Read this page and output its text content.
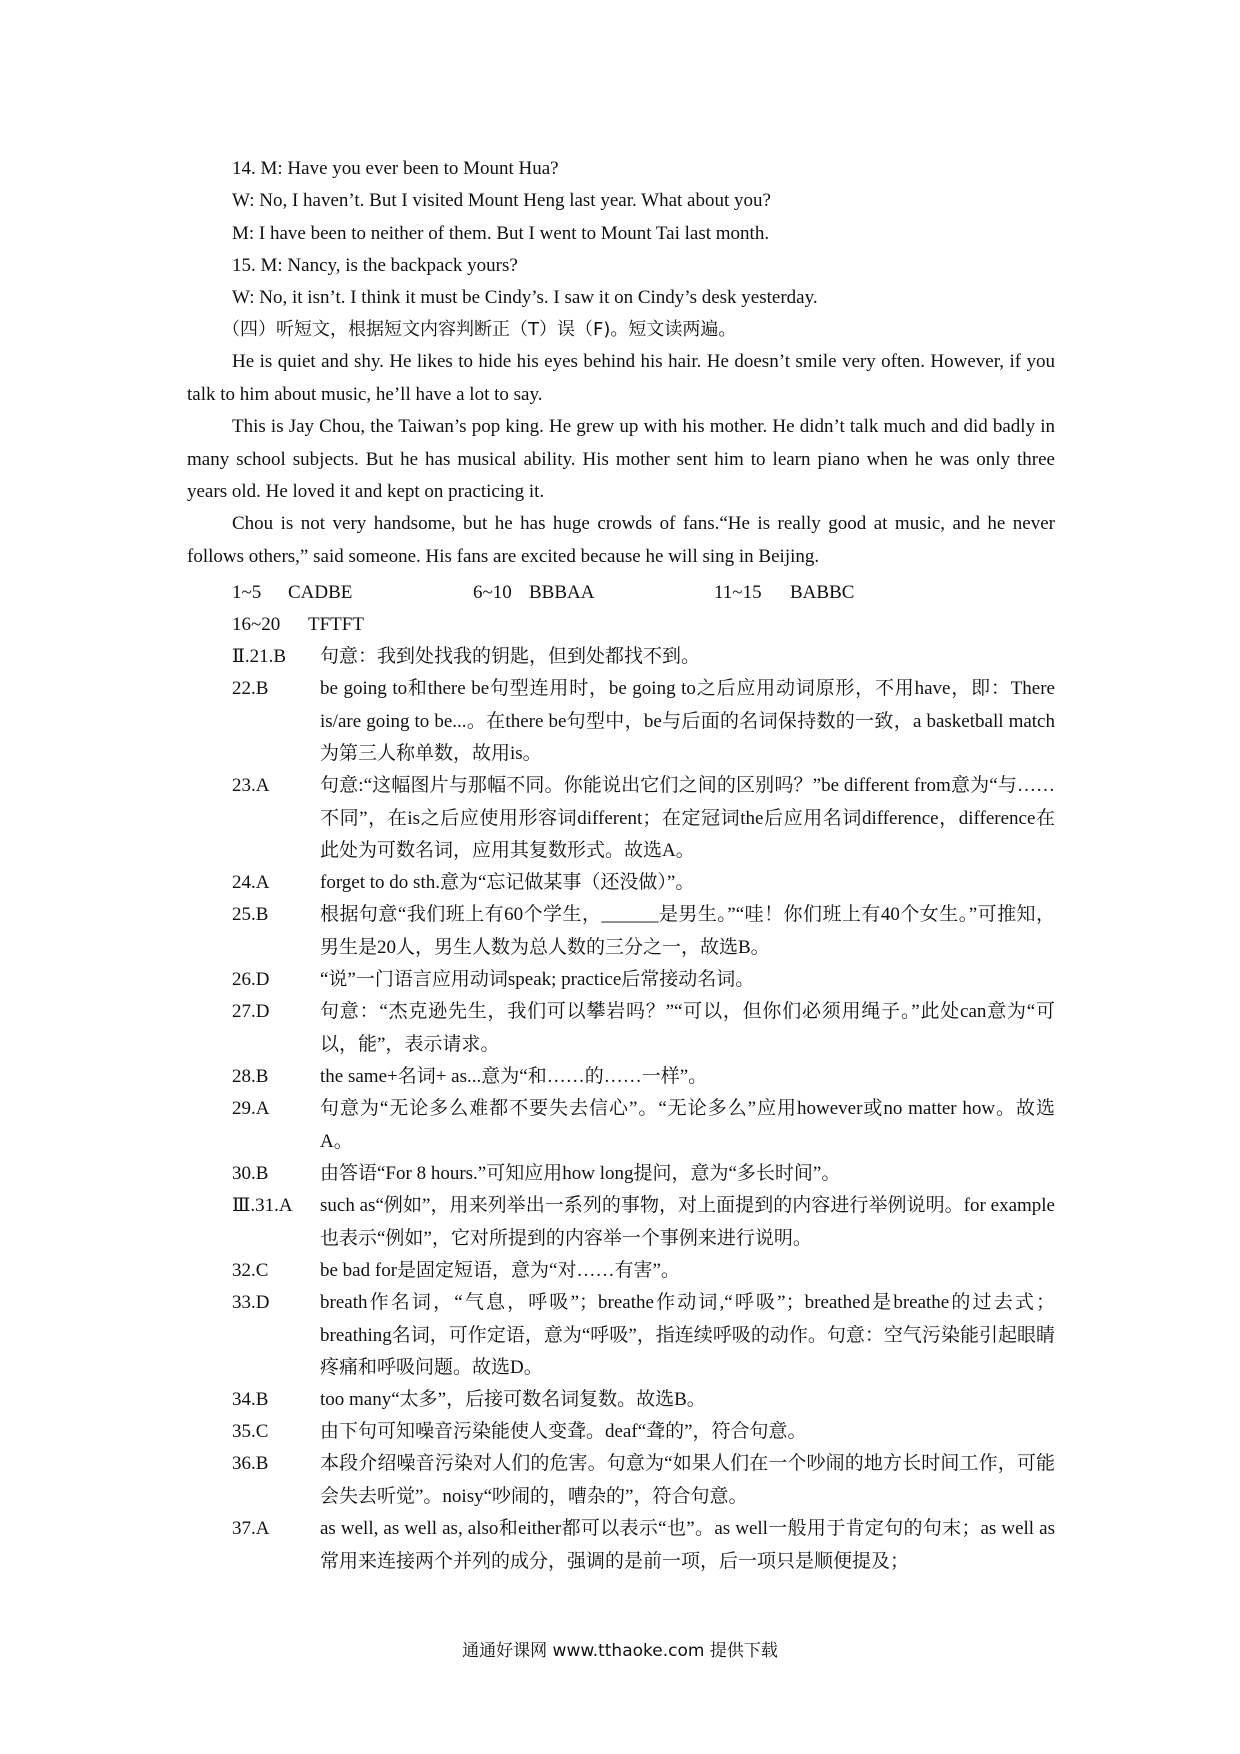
14. M: Have you ever been to Mount Hua?
W: No, I haven’t. But I visited Mount Heng last year. What about you?
M: I have been to neither of them. But I went to Mount Tai last month.
15. M: Nancy, is the backpack yours?
W: No, it isn’t. I think it must be Cindy’s. I saw it on Cindy’s desk yesterday.
（四）听短文，根据短文内容判断正（T）误（F)。短文读两遍。

He is quiet and shy. He likes to hide his eyes behind his hair. He doesn’t smile very often. However, if you talk to him about music, he’ll have a lot to say.

This is Jay Chou, the Taiwan’s pop king. He grew up with his mother. He didn’t talk much and did badly in many school subjects. But he has musical ability. His mother sent him to learn piano when he was only three years old. He loved it and kept on practicing it.

Chou is not very handsome, but he has huge crowds of fans.“He is really good at music, and he never follows others,” said someone. His fans are excited because he will sing in Beijing.

1~5 CADBE	6~10 BBBAA	11~15 BABBC
16~20 TFTFT
Ⅱ.21.B	句意：我到处找我的钥匙，但到处都找不到。
22.B	be going to和there be句型连用时，be going to之后应用动词原形，不用have，即：There is/are going to be...。在there be句型中，be与后面的名词保持数的一致，a basketball match为第三人称单数，故用is。
23.A	句意:“这幅图片与那幅不同。你能说出它们之间的区别吗？”be different from意为“与……不同”，在is之后应使用形容词different；在定冠词the后应用名词difference，difference在此处为可数名词，应用其复数形式。故选A。
24.A	forget to do sth.意为“忘记做某事（还没做）”。
25.B	根据句意“我们班上有60个学生，______是男生。”“哇！你们班上有40个女生。”可推知，男生是20人，男生人数为总人数的三分之一，故选B。
26.D	“说”一门语言应用动词speak; practice后常接动名词。
27.D	句意：“杰克逊先生，我们可以攀岩吗？”“可以，但你们必须用绳子。”此处can意为“可以，能”，表示请求。
28.B	the same+名词+ as...意为“和……的……一样”。
29.A	句意为“无论多么难都不要失去信心”。“无论多么”应用however或no matter how。故选A。
30.B	由答语“For 8 hours.”可知应用how long提问，意为“多长时间”。
Ⅲ.31.A	such as“例如”，用来列举出一系列的事物，对上面提到的内容进行举例说明。for example也表示“例如”，它对所提到的内容举一个事例来进行说明。
32.C	be bad for是固定短语，意为“对……有害”。
33.D	breath作名词，“气息，呼吸”；breathe作动词,“呼吸”；breathed是breathe的过去式；breathing名词，可作定语，意为“呼吸”，指连续呼吸的动作。句意：空气污染能引起眼睛疼痛和呼吸问题。故选D。
34.B	too many“太多”，后接可数名词复数。故选B。
35.C	由下句可知噪音污染能使人变聋。deaf“聋的”，符合句意。
36.B	本段介绍噪音污染对人们的危害。句意为“如果人们在一个吵闹的地方长时间工作，可能会失去听觉”。noisy“吵闹的，嘈杂的”，符合句意。
37.A	as well, as well as, also和either都可以表示“也”。as well一般用于肯定句的句末；as well as常用来连接两个并列的成分，强调的是前一项，后一项只是顺便提及；
通通好课网 www.tthaoke.com 提供下载
